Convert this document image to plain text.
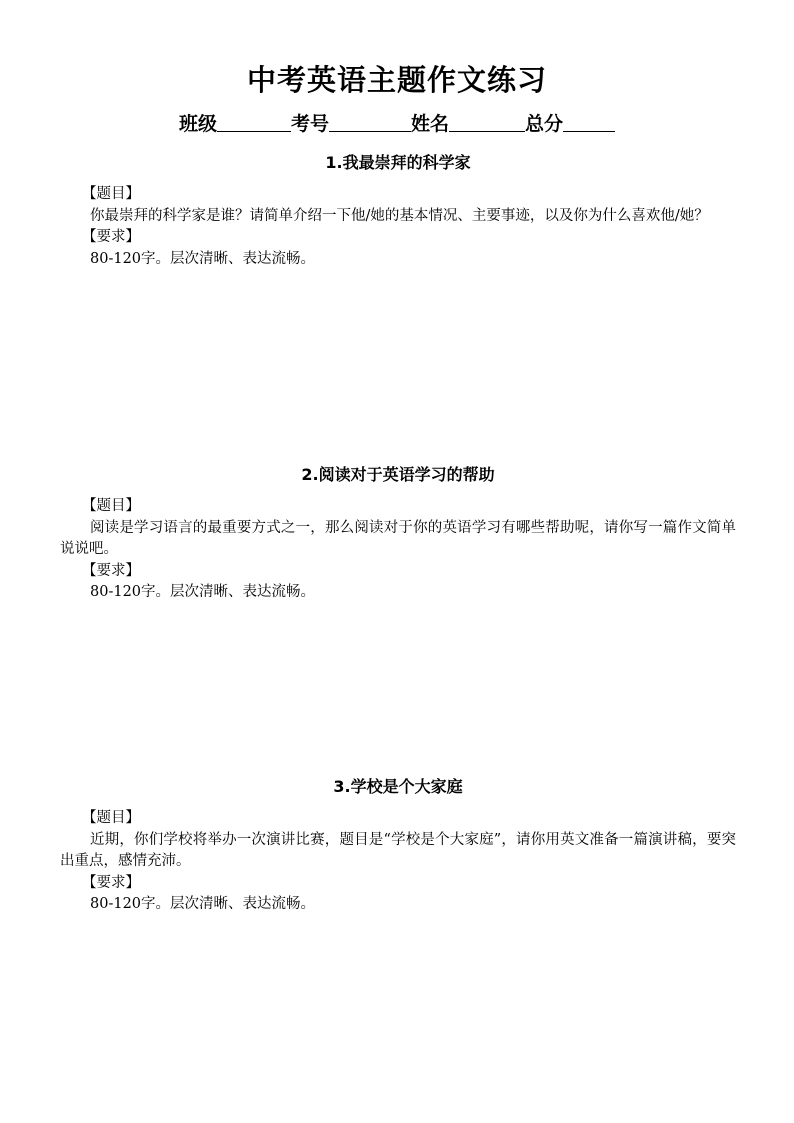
中考英语主题作文练习
班级	考号	姓名	总分
1.我最崇拜的科学家

【题目】

你最崇拜的科学家是谁？请简单介绍一下他/她的基本情况、主要事迹，以及你为什么喜欢他/她？

【要求】

80-120字。层次清晰、表达流畅。

2.阅读对于英语学习的帮助

【题目】

阅读是学习语言的最重要方式之一，那么阅读对于你的英语学习有哪些帮助呢，请你写一篇作文简单说说吧。

【要求】

80-120字。层次清晰、表达流畅。

3.学校是个大家庭

【题目】

近期，你们学校将举办一次演讲比赛，题目是“学校是个大家庭”，请你用英文准备一篇演讲稿，要突出重点，感情充沛。

【要求】

80-120字。层次清晰、表达流畅。
